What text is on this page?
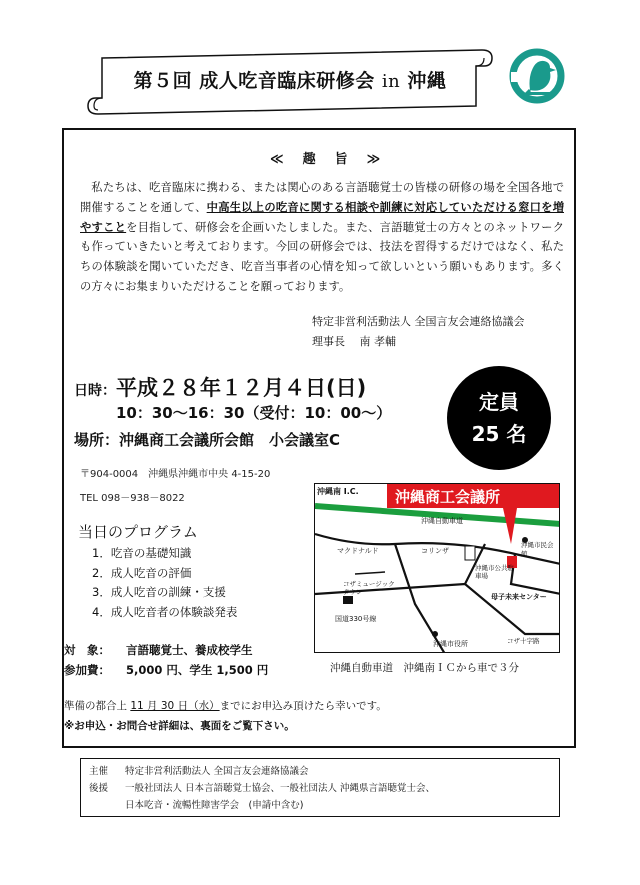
第５回 成人吃音臨床研修会 in 沖縄
≪　趣　旨　≫
私たちは、吃音臨床に携わる、または関心のある言語聴覚士の皆様の研修の場を全国各地で開催することを通して、中高生以上の吃音に関する相談や訓練に対応していただける窓口を増やすことを目指して、研修会を企画いたしました。また、言語聴覚士の方々とのネットワークも作っていきたいと考えております。今回の研修会では、技法を習得するだけではなく、私たちの体験談を聞いていただき、吃音当事者の心情を知って欲しいという願いもあります。多くの方々にお集まりいただけることを願っております。
特定非営利活動法人 全国言友会連絡協議会
理事長　 南 孝輔
日時：平成２８年１２月４日(日)
10：30〜16：30（受付：10：00〜）
場所：沖縄商工会議所会館　小会議室C
定員
25 名
〒904-0004　沖縄県沖縄市中央 4-15-20
TEL 098－938－8022	沖縄商工会議所
沖縄南 I.C.
沖縄自動車道
マクドナルド	コリンザ
沖縄市公共駐車場
コザミュージックタウン
国道330号線
沖縄市役所
母子未来センター
コザ十字路
沖縄市民会館
沖縄自動車道　沖縄南ＩＣから車で３分
当日のプログラム
1．吃音の基礎知識
2．成人吃音の評価
3．成人吃音の訓練・支援
4．成人吃音者の体験談発表
対　象： 言語聴覚士、養成校学生
参加費： 5,000 円、学生 1,500 円
準備の都合上 11 月 30 日（水）までにお申込み頂けたら幸いです。
※お申込・お問合せ詳細は、裏面をご覧下さい。
主催 特定非営利活動法人 全国言友会連絡協議会
後援 一般社団法人 日本言語聴覚士協会、一般社団法人 沖縄県言語聴覚士会、
日本吃音・流暢性障害学会　(申請中含む)
